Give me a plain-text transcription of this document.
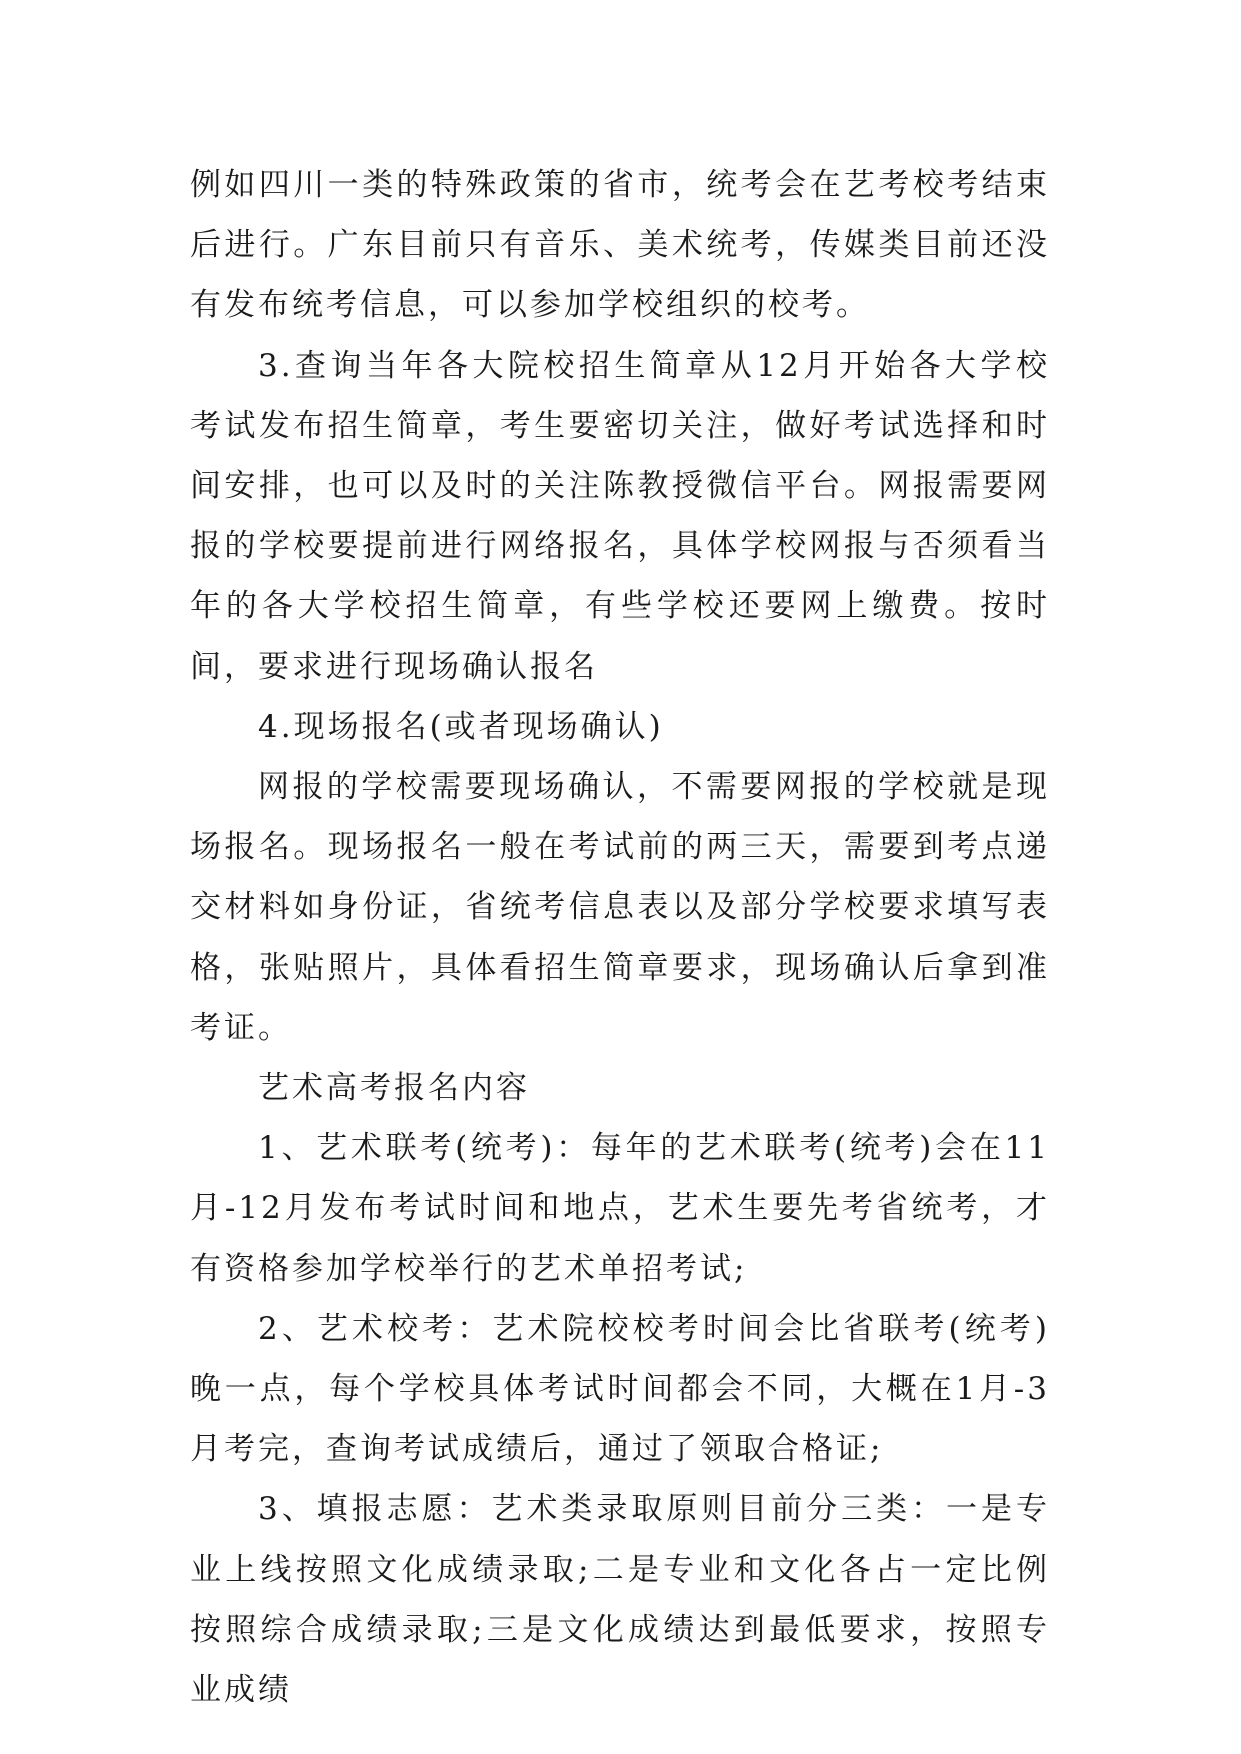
例如四川一类的特殊政策的省市，统考会在艺考校考结束后进行。广东目前只有音乐、美术统考，传媒类目前还没有发布统考信息，可以参加学校组织的校考。

3.查询当年各大院校招生简章从12月开始各大学校考试发布招生简章，考生要密切关注，做好考试选择和时间安排，也可以及时的关注陈教授微信平台。网报需要网报的学校要提前进行网络报名，具体学校网报与否须看当年的各大学校招生简章，有些学校还要网上缴费。按时间，要求进行现场确认报名

4.现场报名(或者现场确认)

网报的学校需要现场确认，不需要网报的学校就是现场报名。现场报名一般在考试前的两三天，需要到考点递交材料如身份证，省统考信息表以及部分学校要求填写表格，张贴照片，具体看招生简章要求，现场确认后拿到准考证。

艺术高考报名内容

1、艺术联考(统考)：每年的艺术联考(统考)会在11月-12月发布考试时间和地点，艺术生要先考省统考，才有资格参加学校举行的艺术单招考试;

2、艺术校考：艺术院校校考时间会比省联考(统考)晚一点，每个学校具体考试时间都会不同，大概在1月-3月考完，查询考试成绩后，通过了领取合格证;

3、填报志愿：艺术类录取原则目前分三类：一是专业上线按照文化成绩录取;二是专业和文化各占一定比例按照综合成绩录取;三是文化成绩达到最低要求，按照专业成绩
